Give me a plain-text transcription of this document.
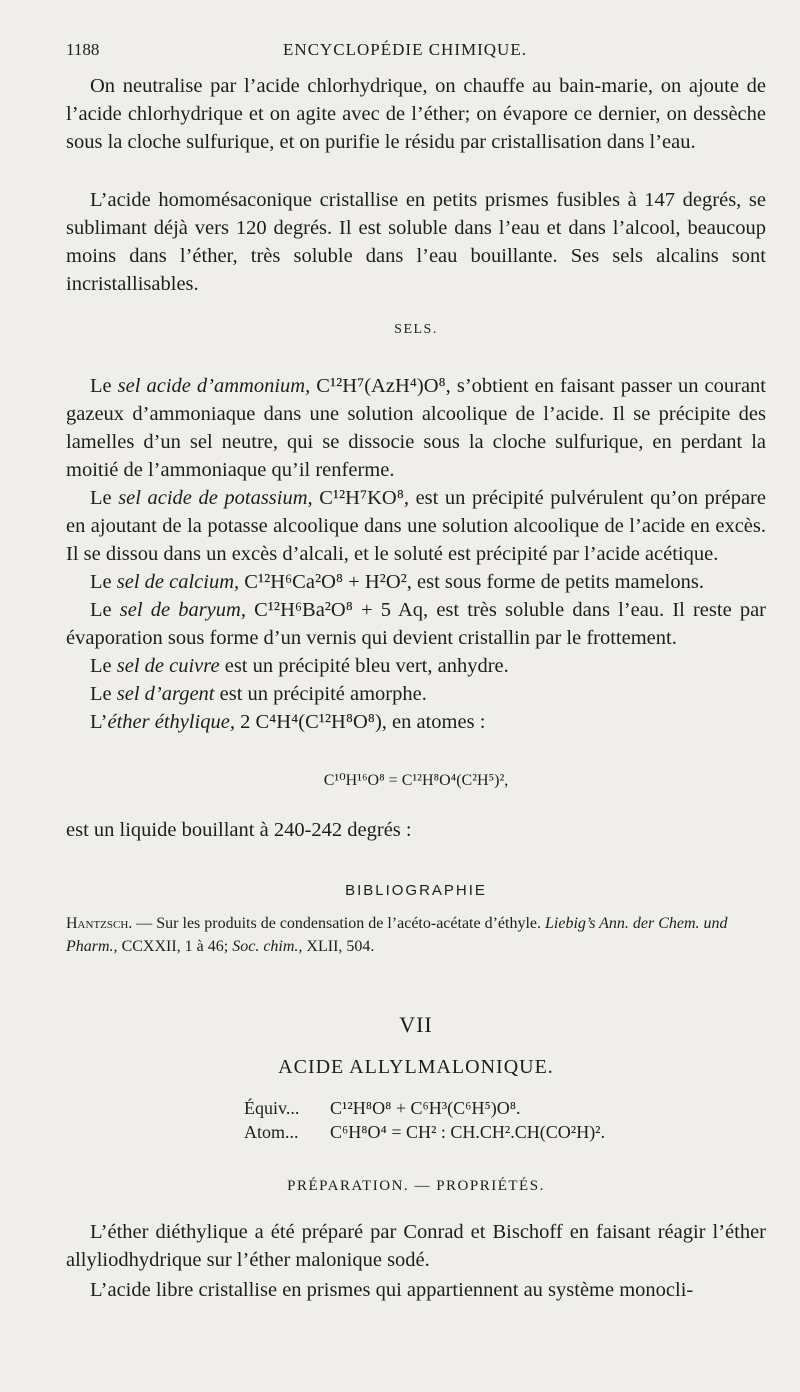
1188	ENCYCLOPÉDIE CHIMIQUE.
On neutralise par l’acide chlorhydrique, on chauffe au bain-marie, on ajoute de l’acide chlorhydrique et on agite avec de l’éther; on évapore ce dernier, on dessèche sous la cloche sulfurique, et on purifie le résidu par cristallisation dans l’eau.
L’acide homomésaconique cristallise en petits prismes fusibles à 147 degrés, se sublimant déjà vers 120 degrés. Il est soluble dans l’eau et dans l’alcool, beaucoup moins dans l’éther, très soluble dans l’eau bouillante. Ses sels alcalins sont incristallisables.
SELS.
Le sel acide d’ammonium, C¹²H⁷(AzH⁴)O⁸, s’obtient en faisant passer un courant gazeux d’ammoniaque dans une solution alcoolique de l’acide. Il se précipite des lamelles d’un sel neutre, qui se dissocie sous la cloche sulfurique, en perdant la moitié de l’ammoniaque qu’il renferme.
Le sel acide de potassium, C¹²H⁷KO⁸, est un précipité pulvérulent qu’on prépare en ajoutant de la potasse alcoolique dans une solution alcoolique de l’acide en excès. Il se dissou dans un excès d’alcali, et le soluté est précipité par l’acide acétique.
Le sel de calcium, C¹²H⁶Ca²O⁸ + H²O², est sous forme de petits mamelons.
Le sel de baryum, C¹²H⁶Ba²O⁸ + 5 Aq, est très soluble dans l’eau. Il reste par évaporation sous forme d’un vernis qui devient cristallin par le frottement.
Le sel de cuivre est un précipité bleu vert, anhydre.
Le sel d’argent est un précipité amorphe.
L’éther éthylique, 2 C⁴H⁴(C¹²H⁸O⁸), en atomes :
C¹⁰H¹⁶O⁸ = C¹²H⁸O⁴(C²H⁵)²,
est un liquide bouillant à 240-242 degrés :
BIBLIOGRAPHIE
Hantzsch. — Sur les produits de condensation de l’acéto-acétate d’éthyle. Liebig’s Ann. der Chem. und Pharm., CCXXII, 1 à 46; Soc. chim., XLII, 504.
VII
ACIDE ALLYLMALONIQUE.
Équiv... C¹²H⁸O⁸ + C⁶H³(C⁶H⁵)O⁸.
Atom... C⁶H⁸O⁴ = CH² : CH.CH².CH(CO²H)².
PRÉPARATION. — PROPRIÉTÉS.
L’éther diéthylique a été préparé par Conrad et Bischoff en faisant réagir l’éther allyliodhydrique sur l’éther malonique sodé.
L’acide libre cristallise en prismes qui appartiennent au système monocli-
